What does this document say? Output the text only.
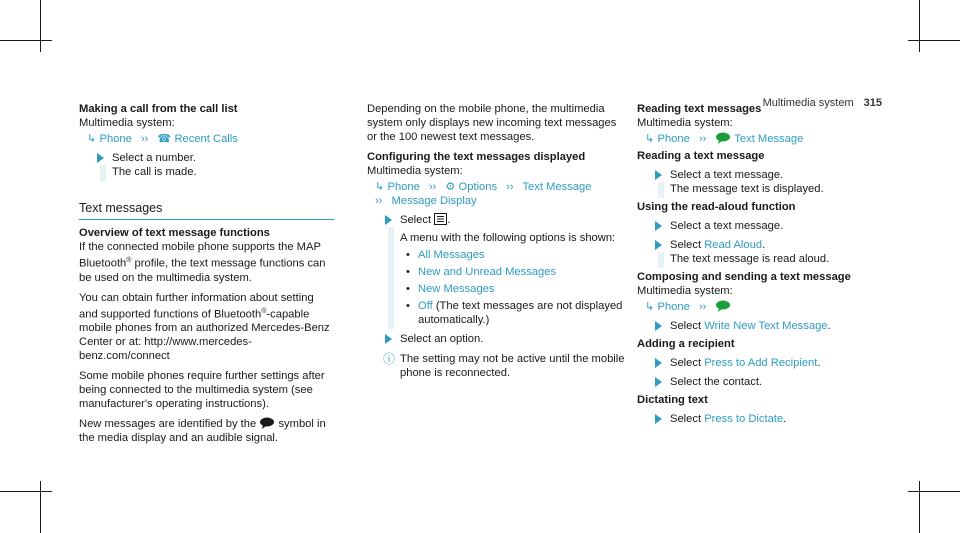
Multimedia system 315

Making a call from the call list

Multimedia system:

↳ Phone ›› ☎ Recent Calls

Select a number.
The call is made.
Text messages

Overview of text message functions

If the connected mobile phone supports the MAP Bluetooth® profile, the text message functions can be used on the multimedia system.

You can obtain further information about setting and supported functions of Bluetooth®-capable mobile phones from an authorized Mercedes-Benz Center or at: http://www.mercedes-benz.com/connect

Some mobile phones require further settings after being connected to the multimedia system (see manufacturer's operating instructions).

New messages are identified by the symbol in the media display and an audible signal.

Depending on the mobile phone, the multimedia system only displays new incoming text messages or the 100 newest text messages.

Configuring the text messages displayed

Multimedia system:

↳ Phone ›› ⚙ Options ›› Text Message
›› Message Display

Select .
A menu with the following options is shown:
• All Messages
• New and Unread Messages
• New Messages
• Off (The text messages are not displayed automatically.)
Select an option.
ⓘ The setting may not be active until the mobile phone is reconnected.

Reading text messages

Multimedia system:

↳ Phone ››	Text Message

Reading a text message

Select a text message.
The message text is displayed.

Using the read-aloud function

Select a text message.
Select Read Aloud.
The text message is read aloud.

Composing and sending a text message

Multimedia system:

↳ Phone ››

Select Write New Text Message.

Adding a recipient

Select Press to Add Recipient.
Select the contact.

Dictating text

Select Press to Dictate.
